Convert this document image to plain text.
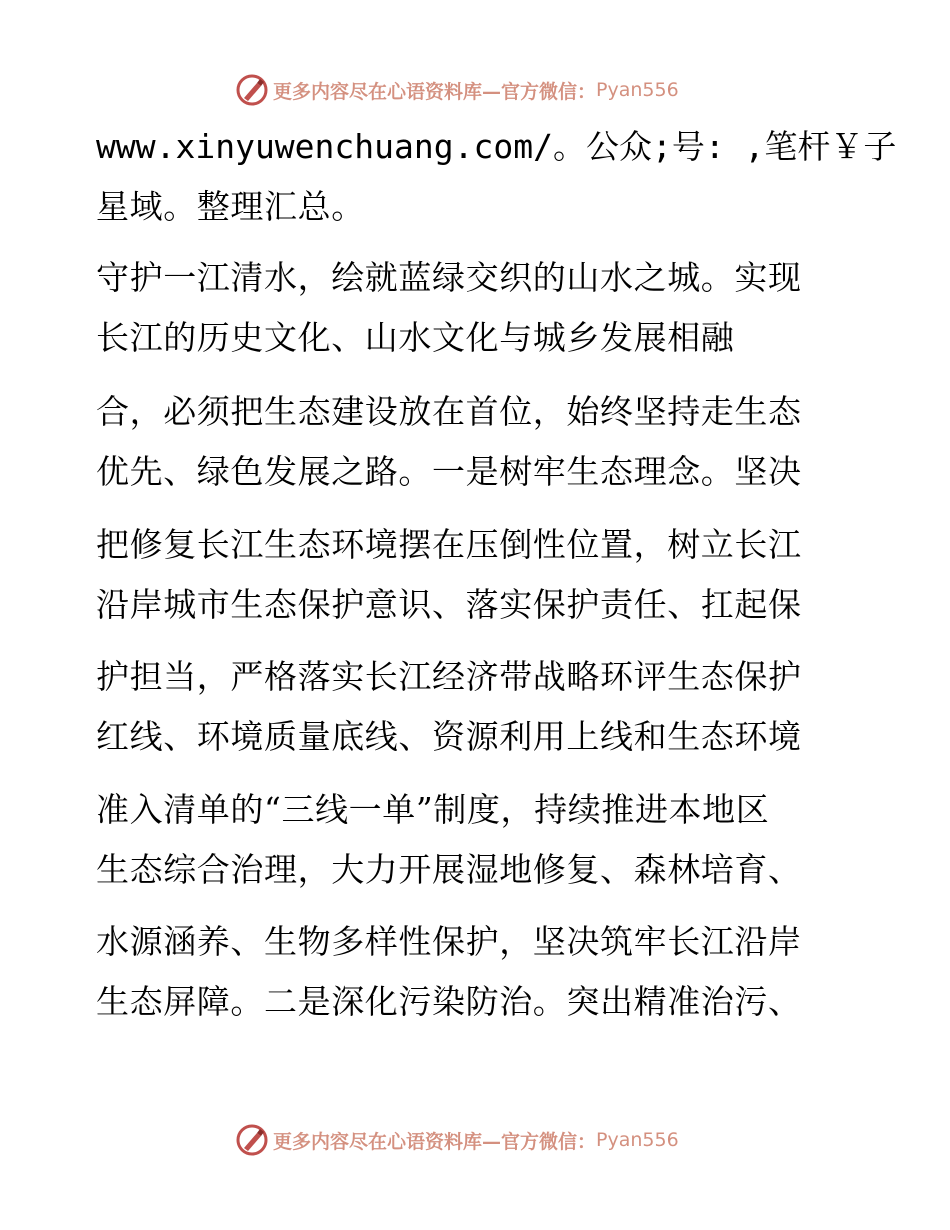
更多内容尽在心语资料库—官方微信： Pyan556
www.xinyuwenchuang.com/。公众;号: ,笔杆￥子
星域。整理汇总。
守护一江清水，绘就蓝绿交织的山水之城。实现
长江的历史文化、山水文化与城乡发展相融
合，必须把生态建设放在首位，始终坚持走生态
优先、绿色发展之路。一是树牢生态理念。坚决
把修复长江生态环境摆在压倒性位置，树立长江
沿岸城市生态保护意识、落实保护责任、扛起保
护担当，严格落实长江经济带战略环评生态保护
红线、环境质量底线、资源利用上线和生态环境
准入清单的“三线一单”制度，持续推进本地区
生态综合治理，大力开展湿地修复、森林培育、
水源涵养、生物多样性保护，坚决筑牢长江沿岸
生态屏障。二是深化污染防治。突出精准治污、
更多内容尽在心语资料库—官方微信： Pyan556
